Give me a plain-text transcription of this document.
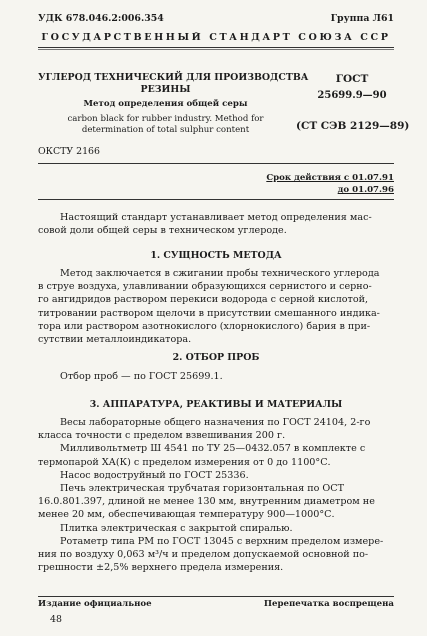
УДК 678.046.2:006.354	Группа Л61
ГОСУДАРСТВЕННЫЙ СТАНДАРТ СОЮЗА ССР
УГЛЕРОД ТЕХНИЧЕСКИЙ ДЛЯ ПРОИЗВОДСТВА
РЕЗИНЫ
Метод определения общей серы
carbon black for rubber industry. Method for
determination of total sulphur content
ГОСТ
25699.9—90
(СТ СЭВ 2129—89)
ОКСТУ 2166
Срок действия с 01.07.91
до 01.07.96

Настоящий стандарт устанавливает метод определения мас-

совой доли общей серы в техническом углероде.

1. СУЩНОСТЬ МЕТОДА

Метод заключается в сжигании пробы технического углерода

в струе воздуха, улавливании образующихся сернистого и серно-

го ангидридов раствором перекиси водорода с серной кислотой,

титровании раствором щелочи в присутствии смешанного индика-

тора или раствором азотнокислого (хлорнокислого) бария в при-

сутствии металлоиндикатора.

2. ОТБОР ПРОБ

Отбор проб — по ГОСТ 25699.1.

3. АППАРАТУРА, РЕАКТИВЫ И МАТЕРИАЛЫ

Весы лабораторные общего назначения по ГОСТ 24104, 2-го

класса точности с пределом взвешивания 200 г.

Милливольтметр Ш 4541 по ТУ 25—0432.057 в комплекте с

термопарой ХА(К) с пределом измерения от 0 до 1100°С.

Насос водоструйный по ГОСТ 25336.

Печь электрическая трубчатая горизонтальная по ОСТ

16.0.801.397, длиной не менее 130 мм, внутренним диаметром не

менее 20 мм, обеспечивающая температуру 900—1000°С.

Плитка электрическая с закрытой спиралью.

Ротаметр типа РМ по ГОСТ 13045 с верхним пределом измере-

ния по воздуху 0,063 м³/ч и пределом допускаемой основной по-

грешности ±2,5% верхнего предела измерения.

Издание официальное	Перепечатка воспрещена
48
